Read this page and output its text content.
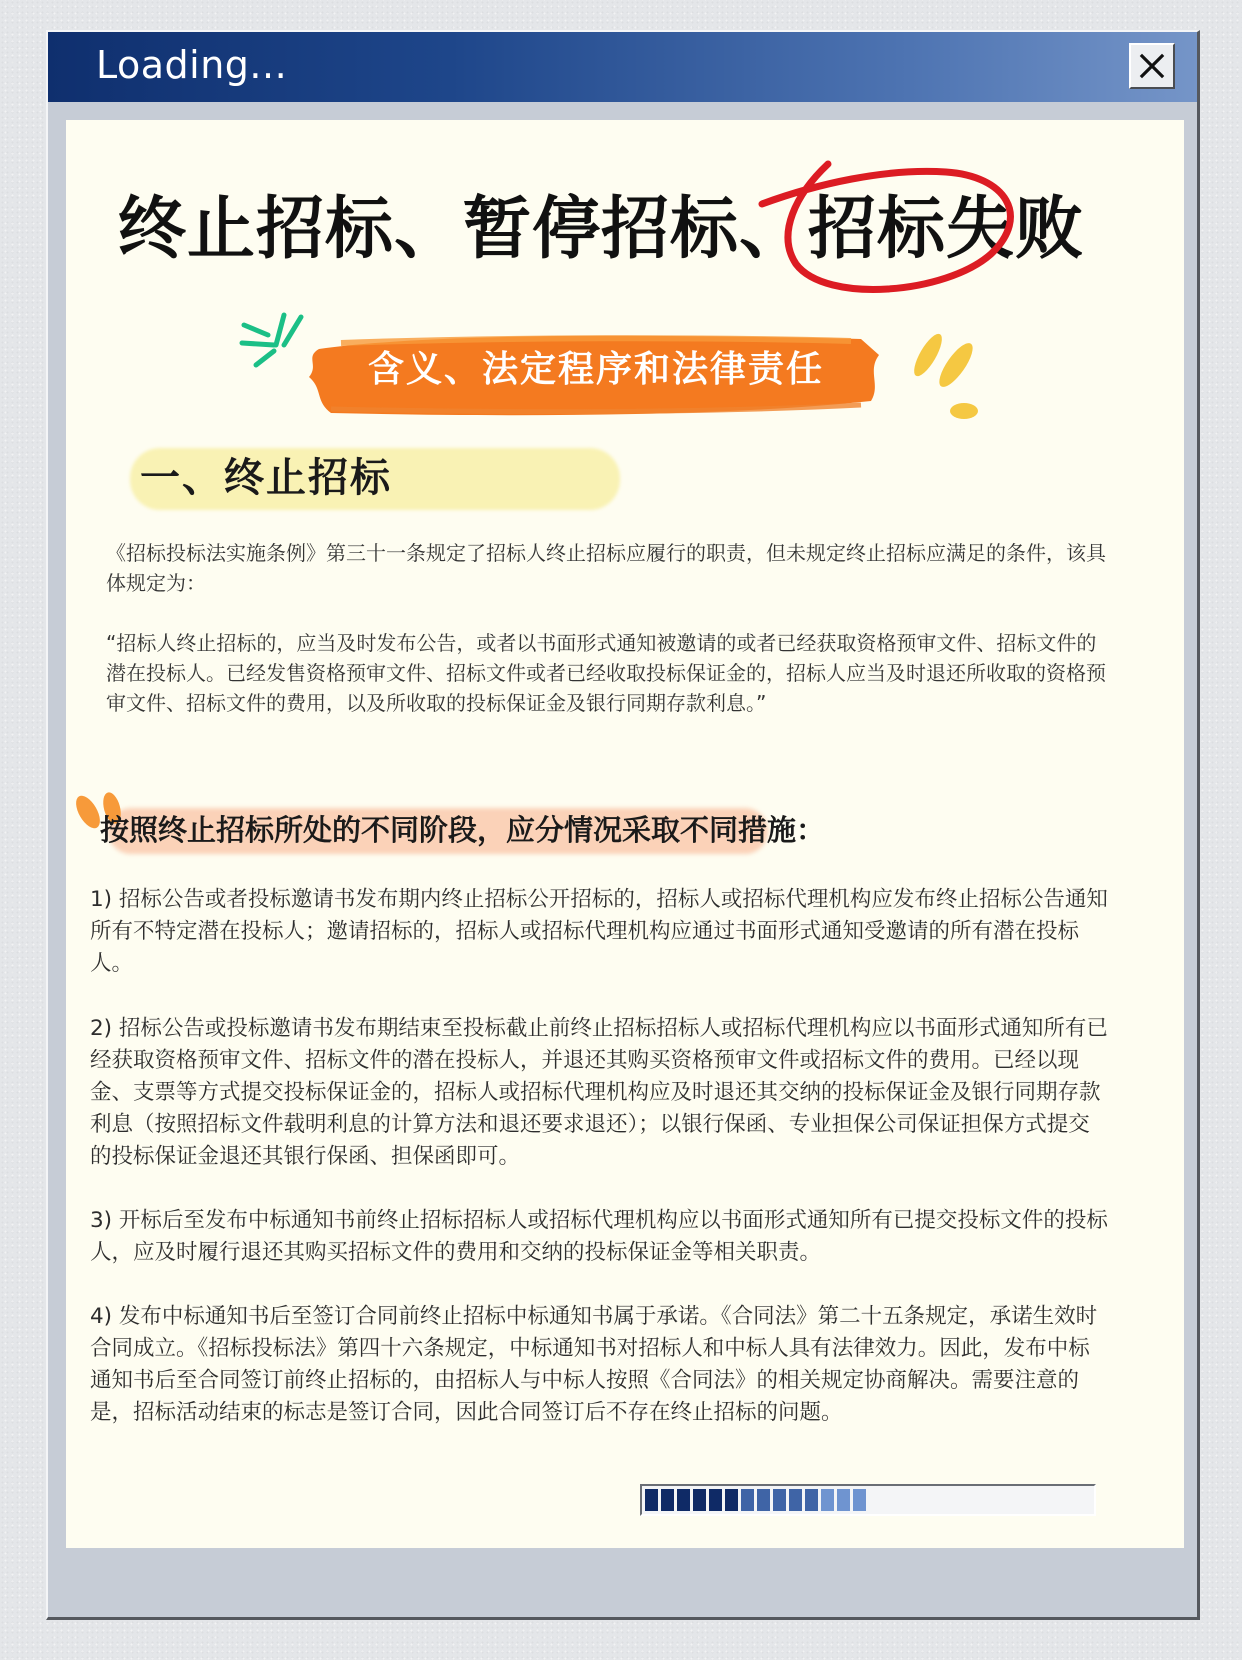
Loading...
终止招标、暂停招标、招标失败
含义、法定程序和法律责任
一、终止招标

《招标投标法实施条例》第三十一条规定了招标人终止招标应履行的职责，但未规定终止招标应满足的条件，该具体规定为：

“招标人终止招标的，应当及时发布公告，或者以书面形式通知被邀请的或者已经获取资格预审文件、招标文件的潜在投标人。已经发售资格预审文件、招标文件或者已经收取投标保证金的，招标人应当及时退还所收取的资格预审文件、招标文件的费用，以及所收取的投标保证金及银行同期存款利息。”

按照终止招标所处的不同阶段，应分情况采取不同措施：

1) 招标公告或者投标邀请书发布期内终止招标公开招标的，招标人或招标代理机构应发布终止招标公告通知所有不特定潜在投标人；邀请招标的，招标人或招标代理机构应通过书面形式通知受邀请的所有潜在投标人。

2) 招标公告或投标邀请书发布期结束至投标截止前终止招标招标人或招标代理机构应以书面形式通知所有已经获取资格预审文件、招标文件的潜在投标人，并退还其购买资格预审文件或招标文件的费用。已经以现金、支票等方式提交投标保证金的，招标人或招标代理机构应及时退还其交纳的投标保证金及银行同期存款利息（按照招标文件载明利息的计算方法和退还要求退还）；以银行保函、专业担保公司保证担保方式提交的投标保证金退还其银行保函、担保函即可。

3) 开标后至发布中标通知书前终止招标招标人或招标代理机构应以书面形式通知所有已提交投标文件的投标人，应及时履行退还其购买招标文件的费用和交纳的投标保证金等相关职责。

4) 发布中标通知书后至签订合同前终止招标中标通知书属于承诺。《合同法》第二十五条规定，承诺生效时合同成立。《招标投标法》第四十六条规定，中标通知书对招标人和中标人具有法律效力。因此，发布中标通知书后至合同签订前终止招标的，由招标人与中标人按照《合同法》的相关规定协商解决。需要注意的是，招标活动结束的标志是签订合同，因此合同签订后不存在终止招标的问题。
